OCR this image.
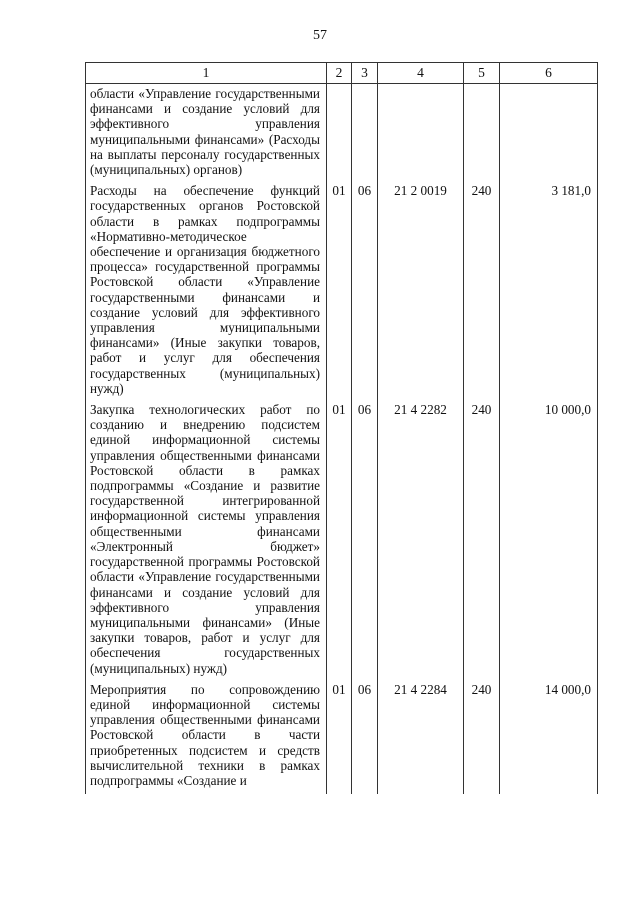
57
1	2	3	4	5	6
области «Управление государственными финансами и создание условий для эффективного управления муниципальными финансами» (Расходы на выплаты персоналу государственных (муниципальных) органов)					
Расходы на обеспечение функций государственных органов Ростовской области в рамках подпрограммы «Нормативно-методическое обеспечение и организация бюджетного процесса» государственной программы Ростовской области «Управление государственными финансами и создание условий для эффективного управления муниципальными финансами» (Иные закупки товаров, работ и услуг для обеспечения государственных (муниципальных) нужд)	01	06	21 2 0019	240	3 181,0
Закупка технологических работ по созданию и внедрению подсистем единой информационной системы управления общественными финансами Ростовской области в рамках подпрограммы «Создание и развитие государственной интегрированной информационной системы управления общественными финансами «Электронный бюджет» государственной программы Ростовской области «Управление государственными финансами и создание условий для эффективного управления муниципальными финансами» (Иные закупки товаров, работ и услуг для обеспечения государственных (муниципальных) нужд)	01	06	21 4 2282	240	10 000,0
Мероприятия по сопровождению единой информационной системы управления общественными финансами Ростовской области в части приобретенных подсистем и средств вычислительной техники в рамках подпрограммы «Создание и	01	06	21 4 2284	240	14 000,0
